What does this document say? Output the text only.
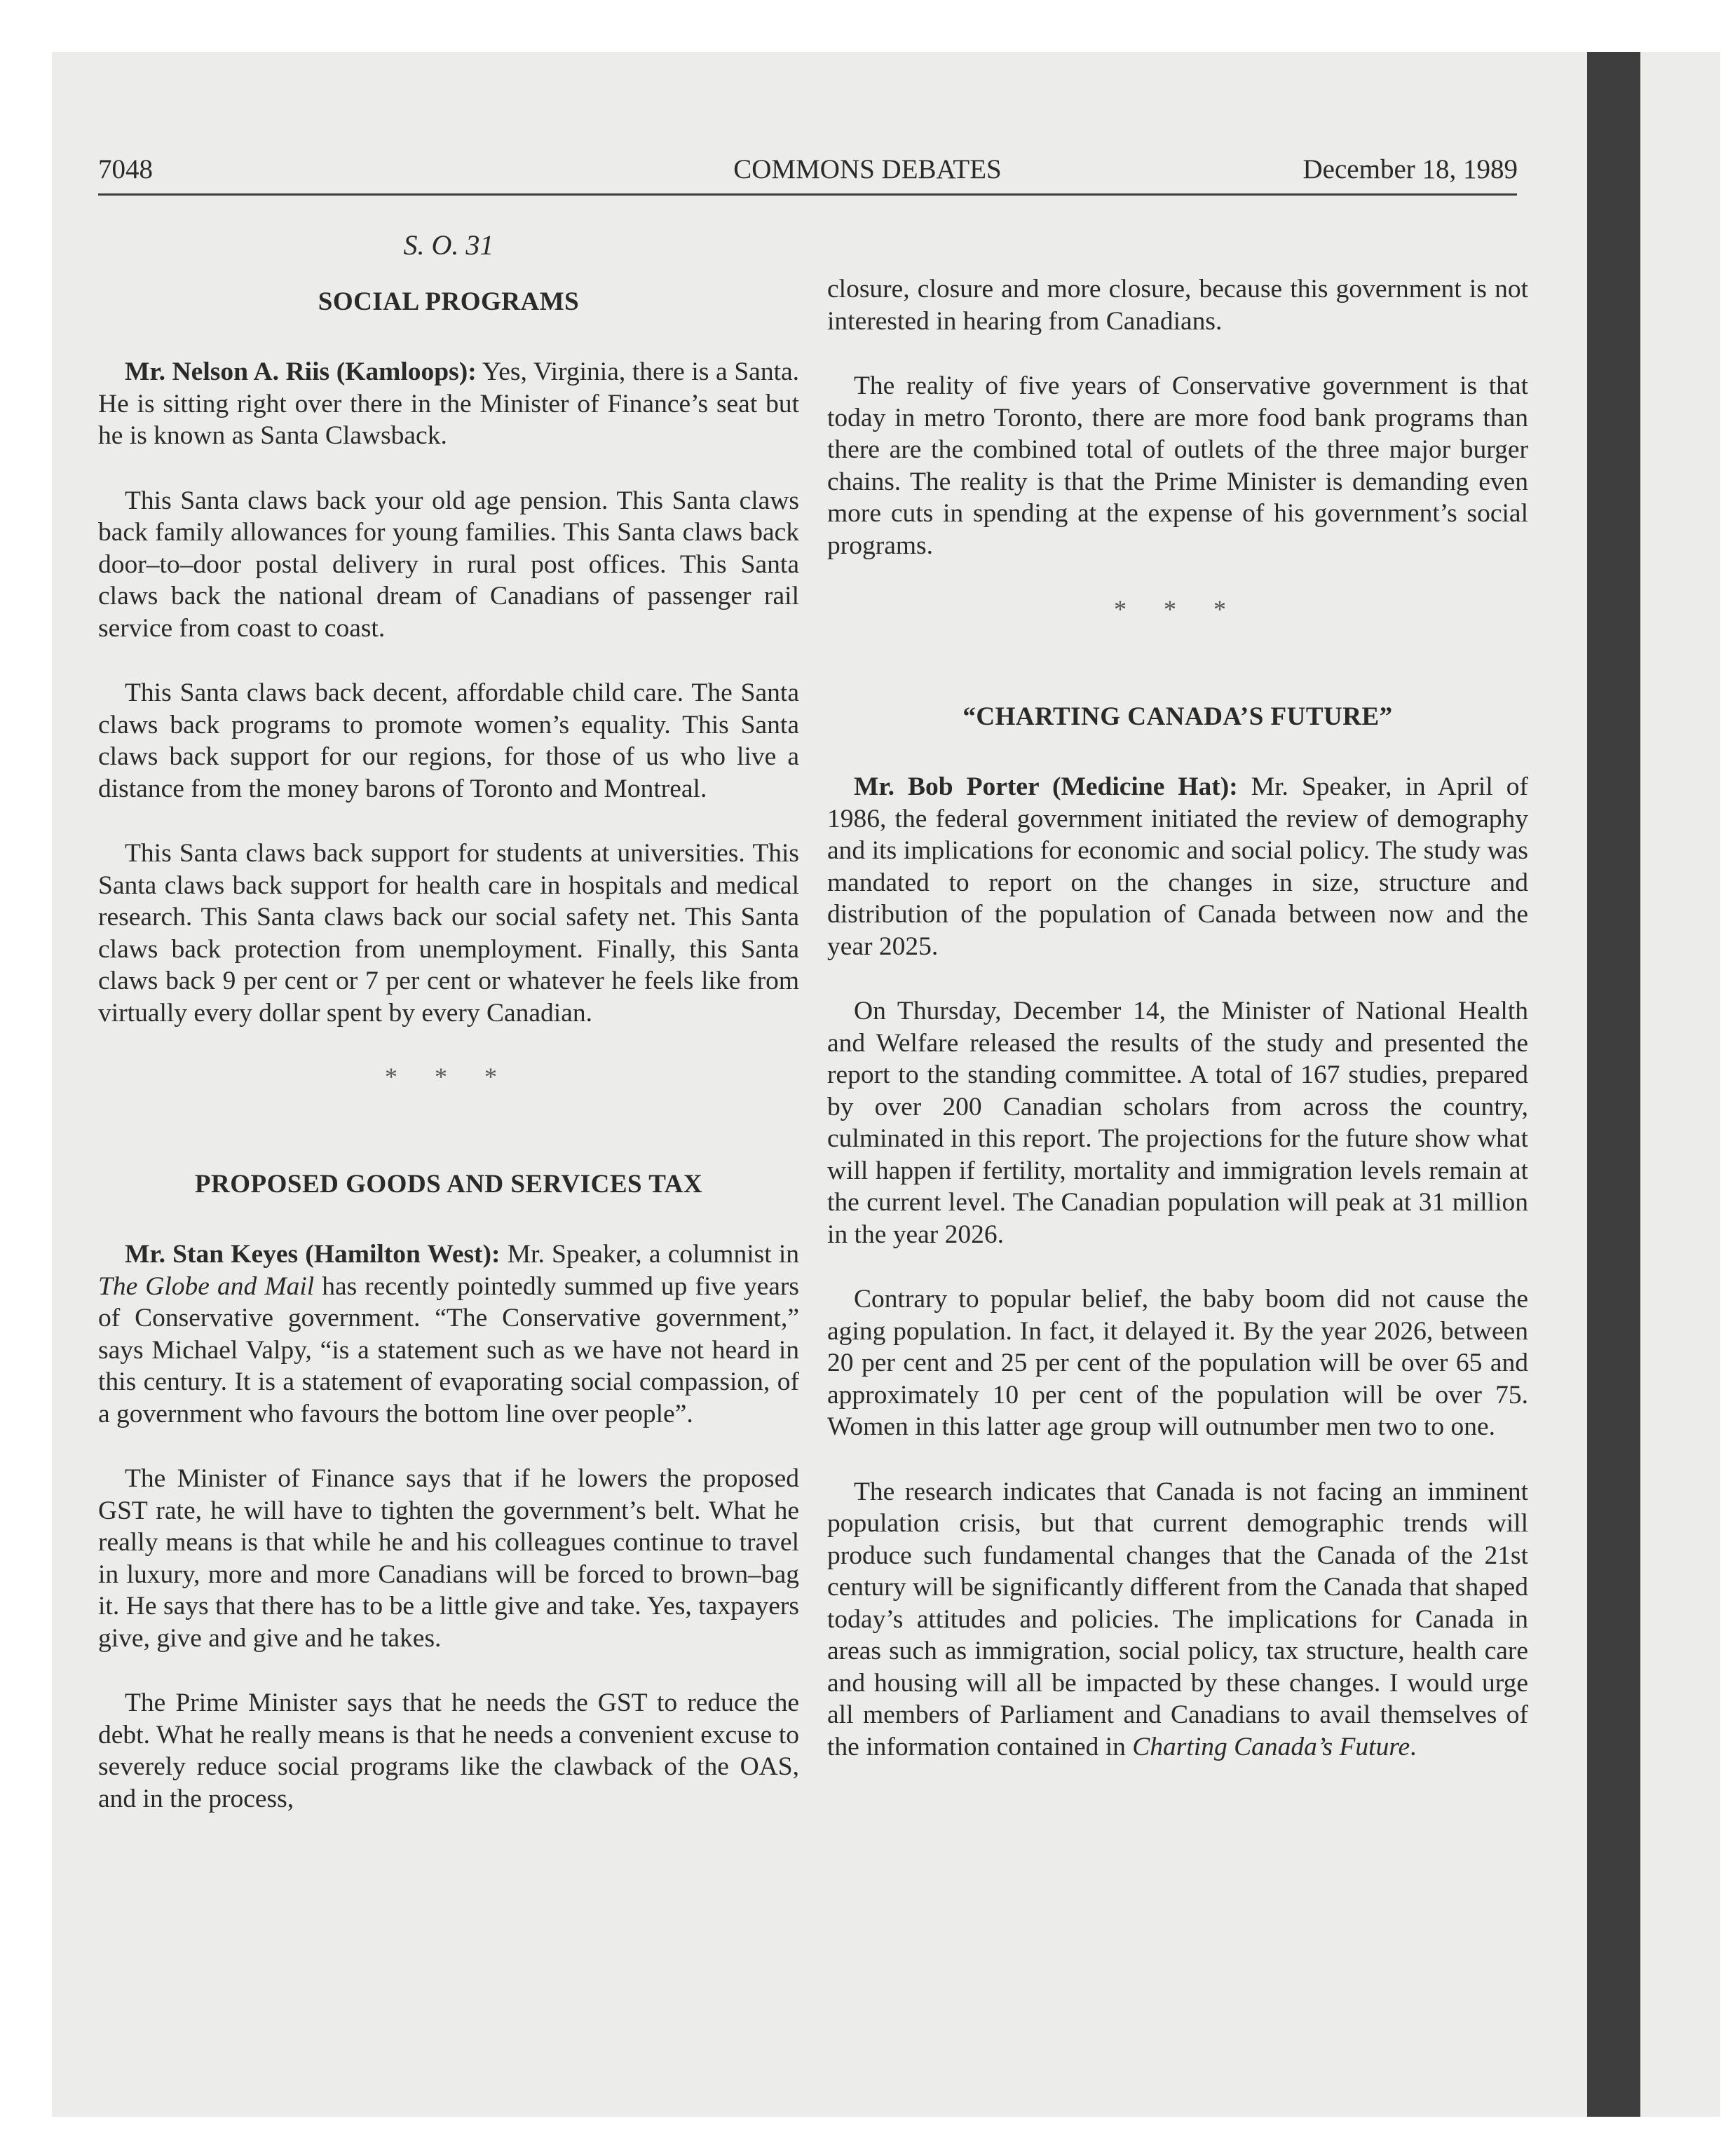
7048	COMMONS DEBATES	December 18, 1989
S. O. 31
SOCIAL PROGRAMS

Mr. Nelson A. Riis (Kamloops): Yes, Virginia, there is a Santa. He is sitting right over there in the Minister of Finance’s seat but he is known as Santa Clawsback.

This Santa claws back your old age pension. This Santa claws back family allowances for young families. This Santa claws back door–to–door postal delivery in rural post offices. This Santa claws back the national dream of Canadians of passenger rail service from coast to coast.

This Santa claws back decent, affordable child care. The Santa claws back programs to promote women’s equality. This Santa claws back support for our regions, for those of us who live a distance from the money barons of Toronto and Montreal.

This Santa claws back support for students at universities. This Santa claws back support for health care in hospitals and medical research. This Santa claws back our social safety net. This Santa claws back protection from unemployment. Finally, this Santa claws back 9 per cent or 7 per cent or whatever he feels like from virtually every dollar spent by every Canadian.

* * *
PROPOSED GOODS AND SERVICES TAX

Mr. Stan Keyes (Hamilton West): Mr. Speaker, a columnist in The Globe and Mail has recently pointedly summed up five years of Conservative government. “The Conservative government,” says Michael Valpy, “is a statement such as we have not heard in this century. It is a statement of evaporating social compassion, of a government who favours the bottom line over people”.

The Minister of Finance says that if he lowers the proposed GST rate, he will have to tighten the government’s belt. What he really means is that while he and his colleagues continue to travel in luxury, more and more Canadians will be forced to brown–bag it. He says that there has to be a little give and take. Yes, taxpayers give, give and give and he takes.

The Prime Minister says that he needs the GST to reduce the debt. What he really means is that he needs a convenient excuse to severely reduce social programs like the clawback of the OAS, and in the process,

closure, closure and more closure, because this government is not interested in hearing from Canadians.

The reality of five years of Conservative government is that today in metro Toronto, there are more food bank programs than there are the combined total of outlets of the three major burger chains. The reality is that the Prime Minister is demanding even more cuts in spending at the expense of his government’s social programs.

* * *
“CHARTING CANADA’S FUTURE”

Mr. Bob Porter (Medicine Hat): Mr. Speaker, in April of 1986, the federal government initiated the review of demography and its implications for economic and social policy. The study was mandated to report on the changes in size, structure and distribution of the population of Canada between now and the year 2025.

On Thursday, December 14, the Minister of National Health and Welfare released the results of the study and presented the report to the standing committee. A total of 167 studies, prepared by over 200 Canadian scholars from across the country, culminated in this report. The projections for the future show what will happen if fertility, mortality and immigration levels remain at the current level. The Canadian population will peak at 31 million in the year 2026.

Contrary to popular belief, the baby boom did not cause the aging population. In fact, it delayed it. By the year 2026, between 20 per cent and 25 per cent of the population will be over 65 and approximately 10 per cent of the population will be over 75. Women in this latter age group will outnumber men two to one.

The research indicates that Canada is not facing an imminent population crisis, but that current demographic trends will produce such fundamental changes that the Canada of the 21st century will be significantly different from the Canada that shaped today’s attitudes and policies. The implications for Canada in areas such as immigration, social policy, tax structure, health care and housing will all be impacted by these changes. I would urge all members of Parliament and Canadians to avail themselves of the information contained in Charting Canada’s Future.
